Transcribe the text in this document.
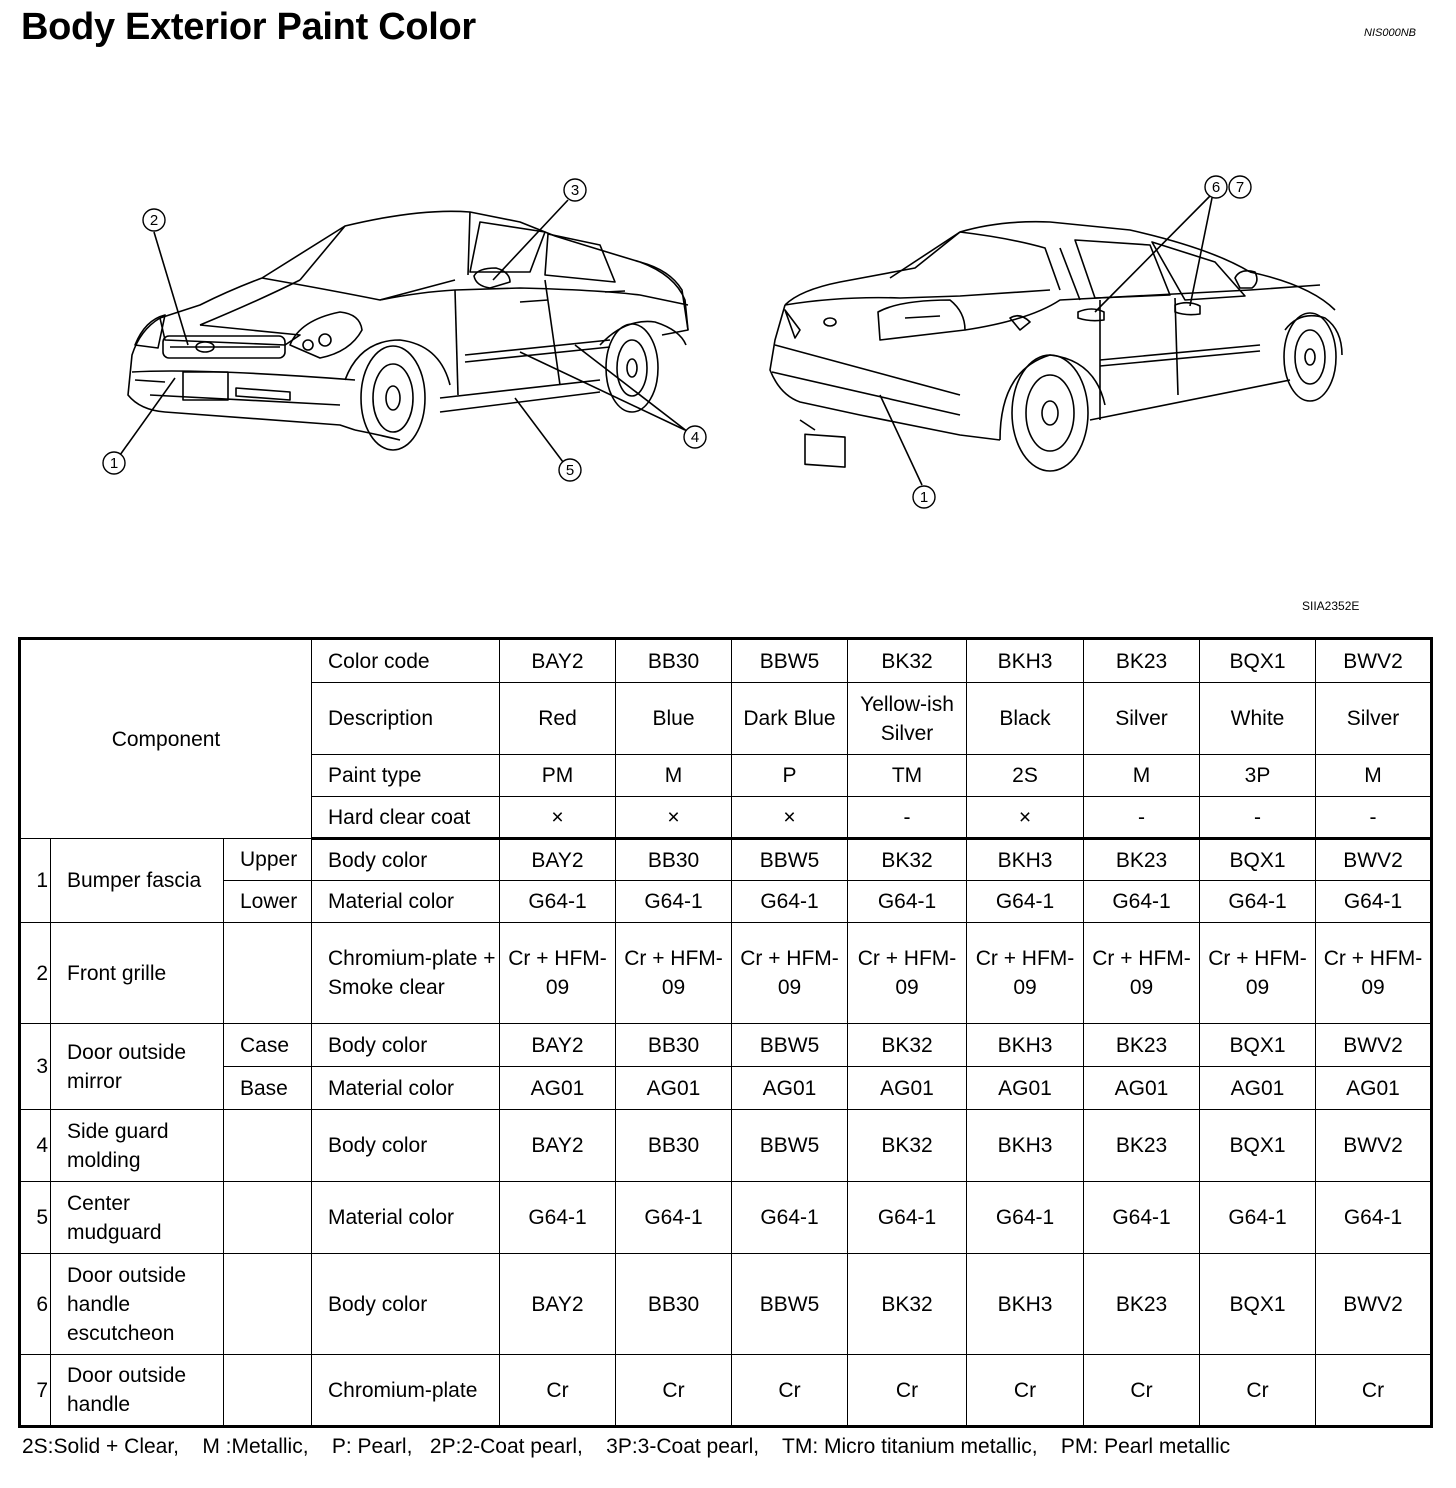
Body Exterior Paint Color	NIS000NB
1
2
3
4
5
6 7
1
SIIA2352E
Component			Color code	BAY2	BB30	BBW5	BK32	BKH3	BK23	BQX1	BWV2
			Description	Red	Blue	Dark Blue	Yellow-ish Silver	Black	Silver	White	Silver
			Paint type	PM	M	P	TM	2S	M	3P	M
			Hard clear coat	×	×	×	-	×	-	-	-
1	Bumper fascia	Upper	Body color	BAY2	BB30	BBW5	BK32	BKH3	BK23	BQX1	BWV2
		Lower	Material color	G64-1	G64-1	G64-1	G64-1	G64-1	G64-1	G64-1	G64-1
2	Front grille		Chromium-plate + Smoke clear	Cr + HFM-09	Cr + HFM-09	Cr + HFM-09	Cr + HFM-09	Cr + HFM-09	Cr + HFM-09	Cr + HFM-09	Cr + HFM-09
3	Door outside mirror	Case	Body color	BAY2	BB30	BBW5	BK32	BKH3	BK23	BQX1	BWV2
		Base	Material color	AG01	AG01	AG01	AG01	AG01	AG01	AG01	AG01
4	Side guard molding		Body color	BAY2	BB30	BBW5	BK32	BKH3	BK23	BQX1	BWV2
5	Center mudguard		Material color	G64-1	G64-1	G64-1	G64-1	G64-1	G64-1	G64-1	G64-1
6	Door outside handle escutcheon		Body color	BAY2	BB30	BBW5	BK32	BKH3	BK23	BQX1	BWV2
7	Door outside handle		Chromium-plate	Cr	Cr	Cr	Cr	Cr	Cr	Cr	Cr
2S:Solid + Clear,    M :Metallic,    P: Pearl,   2P:2-Coat pearl,    3P:3-Coat pearl,    TM: Micro titanium metallic,    PM: Pearl metallic
